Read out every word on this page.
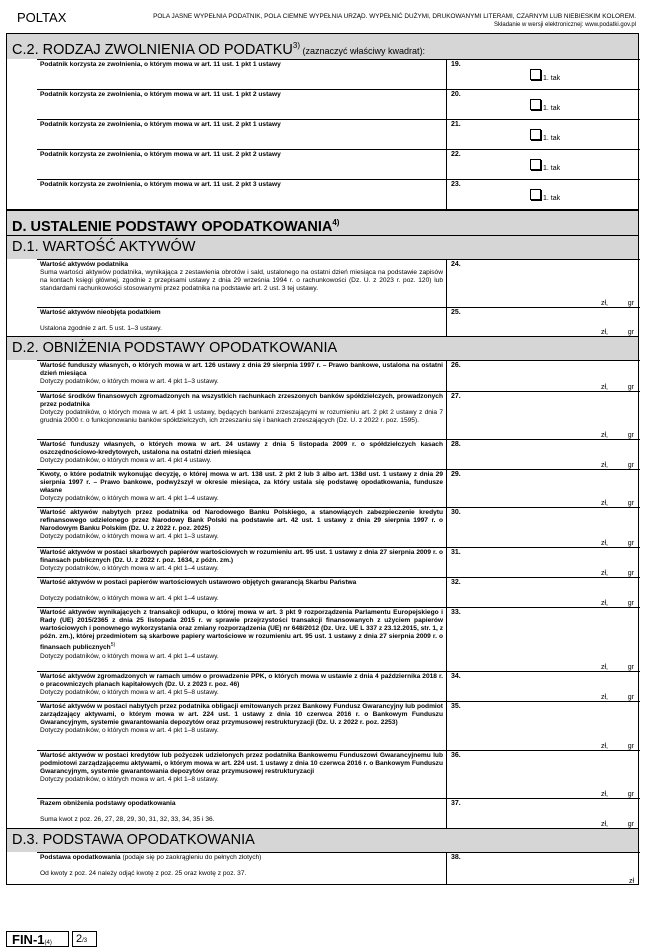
POLTAX	POLA JASNE WYPEŁNIA PODATNIK, POLA CIEMNE WYPEŁNIA URZĄD. WYPEŁNIĆ DUŻYMI, DRUKOWANYMI LITERAMI, CZARNYM LUB NIEBIESKIM KOLOREM.
Składanie w wersji elektronicznej: www.podatki.gov.pl
C.2. RODZAJ ZWOLNIENIA OD PODATKU$^{3)}$ (zaznaczyć właściwy kwadrat):
Podatnik korzysta ze zwolnienia, o którym mowa w art. 11 ust. 1 pkt 1 ustawy	19.
1. tak
Podatnik korzysta ze zwolnienia, o którym mowa w art. 11 ust. 1 pkt 2 ustawy	20.
1. tak
Podatnik korzysta ze zwolnienia, o którym mowa w art. 11 ust. 2 pkt 1 ustawy	21.
1. tak
Podatnik korzysta ze zwolnienia, o którym mowa w art. 11 ust. 2 pkt 2 ustawy	22.
1. tak
Podatnik korzysta ze zwolnienia, o którym mowa w art. 11 ust. 2 pkt 3 ustawy	23.
1. tak
D. USTALENIE PODSTAWY OPODATKOWANIA$^{4)}$
D.1. WARTOŚĆ AKTYWÓW
Wartość aktywów podatnika
Suma wartości aktywów podatnika, wynikająca z zestawienia obrotów i sald, ustalonego na ostatni dzień miesiąca na podstawie zapisów na kontach księgi głównej, zgodnie z przepisami ustawy z dnia 29 września 1994 r. o rachunkowości (Dz. U. z 2023 r. poz. 120) lub standardami rachunkowości stosowanymi przez podatnika na podstawie art. 2 ust. 3 tej ustawy.
24.
zł,	gr
Wartość aktywów nieobjęta podatkiem

Ustalona zgodnie z art. 5 ust. 1–3 ustawy.
25.
zł,	gr
D.2. OBNIŻENIA PODSTAWY OPODATKOWANIA
Wartość funduszy własnych, o których mowa w art. 126 ustawy z dnia 29 sierpnia 1997 r. – Prawo bankowe, ustalona na ostatni dzień miesiąca
Dotyczy podatników, o których mowa w art. 4 pkt 1–3 ustawy.
26.
zł,	gr
Wartość środków finansowych zgromadzonych na wszystkich rachunkach zrzeszonych banków spółdzielczych, prowadzonych przez podatnika
Dotyczy podatników, o których mowa w art. 4 pkt 1 ustawy, będących bankami zrzeszającymi w rozumieniu art. 2 pkt 2 ustawy z dnia 7 grudnia 2000 r. o funkcjonowaniu banków spółdzielczych, ich zrzeszaniu się i bankach zrzeszających (Dz. U. z 2022 r. poz. 1595).
27.
zł,	gr
Wartość funduszy własnych, o których mowa w art. 24 ustawy z dnia 5 listopada 2009 r. o spółdzielczych kasach oszczędnościowo-kredytowych, ustalona na ostatni dzień miesiąca
Dotyczy podatników, o których mowa w art. 4 pkt 4 ustawy.
28.
zł,	gr
Kwoty, o które podatnik wykonując decyzję, o której mowa w art. 138 ust. 2 pkt 2 lub 3 albo art. 138d ust. 1 ustawy z dnia 29 sierpnia 1997 r. – Prawo bankowe, podwyższył w okresie miesiąca, za który ustala się podstawę opodatkowania, fundusze własne
Dotyczy podatników, o których mowa w art. 4 pkt 1–4 ustawy.
29.
zł,	gr
Wartość aktywów nabytych przez podatnika od Narodowego Banku Polskiego, a stanowiących zabezpieczenie kredytu refinansowego udzielonego przez Narodowy Bank Polski na podstawie art. 42 ust. 1 ustawy z dnia 29 sierpnia 1997 r. o Narodowym Banku Polskim (Dz. U. z 2022 r. poz. 2025)
Dotyczy podatników, o których mowa w art. 4 pkt 1–3 ustawy.
30.
zł,	gr
Wartość aktywów w postaci skarbowych papierów wartościowych w rozumieniu art. 95 ust. 1 ustawy z dnia 27 sierpnia 2009 r. o finansach publicznych (Dz. U. z 2022 r. poz. 1634, z późn. zm.)
Dotyczy podatników, o których mowa w art. 4 pkt 1–4 ustawy.
31.
zł,	gr
Wartość aktywów w postaci papierów wartościowych ustawowo objętych gwarancją Skarbu Państwa

Dotyczy podatników, o których mowa w art. 4 pkt 1–4 ustawy.
32.
zł,	gr
Wartość aktywów wynikających z transakcji odkupu, o której mowa w art. 3 pkt 9 rozporządzenia Parlamentu Europejskiego i Rady (UE) 2015/2365 z dnia 25 listopada 2015 r. w sprawie przejrzystości transakcji finansowanych z użyciem papierów wartościowych i ponownego wykorzystania oraz zmiany rozporządzenia (UE) nr 648/2012 (Dz. Urz. UE L 337 z 23.12.2015, str. 1, z późn. zm.), której przedmiotem są skarbowe papiery wartościowe w rozumieniu art. 95 ust. 1 ustawy z dnia 27 sierpnia 2009 r. o finansach publicznych$^{5)}$
Dotyczy podatników, o których mowa w art. 4 pkt 1–4 ustawy.
33.
zł,	gr
Wartość aktywów zgromadzonych w ramach umów o prowadzenie PPK, o których mowa w ustawie z dnia 4 października 2018 r. o pracowniczych planach kapitałowych (Dz. U. z 2023 r. poz. 46)
Dotyczy podatników, o których mowa w art. 4 pkt 5–8 ustawy.
34.
zł,	gr
Wartość aktywów w postaci nabytych przez podatnika obligacji emitowanych przez Bankowy Fundusz Gwarancyjny lub podmiot zarządzający aktywami, o którym mowa w art. 224 ust. 1 ustawy z dnia 10 czerwca 2016 r. o Bankowym Funduszu Gwarancyjnym, systemie gwarantowania depozytów oraz przymusowej restrukturyzacji (Dz. U. z 2022 r. poz. 2253)
Dotyczy podatników, o których mowa w art. 4 pkt 1–8 ustawy.
35.
zł,	gr
Wartość aktywów w postaci kredytów lub pożyczek udzielonych przez podatnika Bankowemu Funduszowi Gwarancyjnemu lub podmiotowi zarządzającemu aktywami, o którym mowa w art. 224 ust. 1 ustawy z dnia 10 czerwca 2016 r. o Bankowym Funduszu Gwarancyjnym, systemie gwarantowania depozytów oraz przymusowej restrukturyzacji
Dotyczy podatników, o których mowa w art. 4 pkt 1–8 ustawy.
36.
zł,	gr
Razem obniżenia podstawy opodatkowania

Suma kwot z poz. 26, 27, 28, 29, 30, 31, 32, 33, 34, 35 i 36.
37.
zł,	gr
D.3. PODSTAWA OPODATKOWANIA
Podstawa opodatkowania (podaje się po zaokrągleniu do pełnych złotych)

Od kwoty z poz. 24 należy odjąć kwotę z poz. 25 oraz kwotę z poz. 37.
38.
zł
FIN-1(4)	2/3
